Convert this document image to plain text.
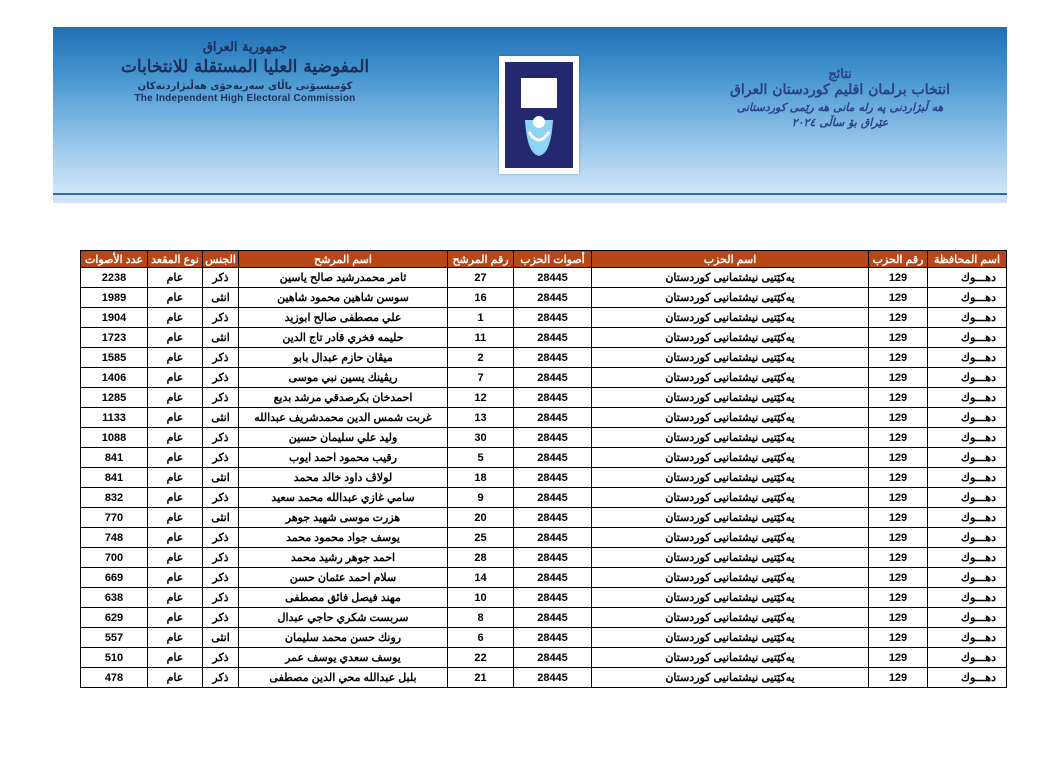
جمهورية العراق
المفوضية العليا المستقلة للانتخابات
كۆمیسیۆنی باڵای سەربەخۆی هەڵبژاردنەکان
The Independent High Electoral Commission
نتائج
انتخاب برلمان اقليم كوردستان العراق
هه ڵبژاردنی په رله مانی هه رێمی كوردستانی
عێراق بۆ ساڵی ٢٠٢٤
اسم المحافظة	رقم الحزب	اسم الحزب	أصوات الحزب	رقم المرشح	اسم المرشح	الجنس	نوع المقعد	عدد الأصوات
دهـــوك	129	يەكێتیی نیشتمانیی كوردستان	28445	27	ثامر محمدرشيد صالح ياسين	ذكر	عام	2238
دهـــوك	129	يەكێتیی نیشتمانیی كوردستان	28445	16	سوسن شاهين محمود شاهين	انثى	عام	1989
دهـــوك	129	يەكێتیی نیشتمانیی كوردستان	28445	1	علي مصطفى صالح ابوزيد	ذكر	عام	1904
دهـــوك	129	يەكێتیی نیشتمانیی كوردستان	28445	11	حليمه فخري قادر تاج الدين	انثى	عام	1723
دهـــوك	129	يەكێتیی نیشتمانیی كوردستان	28445	2	ميڤان حازم عبدال بابو	ذكر	عام	1585
دهـــوك	129	يەكێتیی نیشتمانیی كوردستان	28445	7	ريڤينك يسين نبي موسى	ذكر	عام	1406
دهـــوك	129	يەكێتیی نیشتمانیی كوردستان	28445	12	احمدخان بكرصدقي مرشد بديع	ذكر	عام	1285
دهـــوك	129	يەكێتیی نیشتمانیی كوردستان	28445	13	غربت شمس الدين محمدشريف عبدالله	انثى	عام	1133
دهـــوك	129	يەكێتیی نیشتمانیی كوردستان	28445	30	وليد علي سليمان حسين	ذكر	عام	1088
دهـــوك	129	يەكێتیی نیشتمانیی كوردستان	28445	5	رقيب محمود احمد ايوب	ذكر	عام	841
دهـــوك	129	يەكێتیی نیشتمانیی كوردستان	28445	18	لولاڤ داود خالد محمد	انثى	عام	841
دهـــوك	129	يەكێتیی نیشتمانیی كوردستان	28445	9	سامي غازي عبدالله محمد سعيد	ذكر	عام	832
دهـــوك	129	يەكێتیی نیشتمانیی كوردستان	28445	20	هزرت موسى شهيد جوهر	انثى	عام	770
دهـــوك	129	يەكێتیی نیشتمانیی كوردستان	28445	25	يوسف جواد محمود محمد	ذكر	عام	748
دهـــوك	129	يەكێتیی نیشتمانیی كوردستان	28445	28	احمد جوهر رشيد محمد	ذكر	عام	700
دهـــوك	129	يەكێتیی نیشتمانیی كوردستان	28445	14	سلام احمد عثمان حسن	ذكر	عام	669
دهـــوك	129	يەكێتیی نیشتمانیی كوردستان	28445	10	مهند فيصل فائق مصطفى	ذكر	عام	638
دهـــوك	129	يەكێتیی نیشتمانیی كوردستان	28445	8	سربست شكري حاجي عبدال	ذكر	عام	629
دهـــوك	129	يەكێتیی نیشتمانیی كوردستان	28445	6	رونك حسن محمد سليمان	انثى	عام	557
دهـــوك	129	يەكێتیی نیشتمانیی كوردستان	28445	22	يوسف سعدي يوسف عمر	ذكر	عام	510
دهـــوك	129	يەكێتیی نیشتمانیی كوردستان	28445	21	بلبل عبدالله محي الدين مصطفى	ذكر	عام	478
